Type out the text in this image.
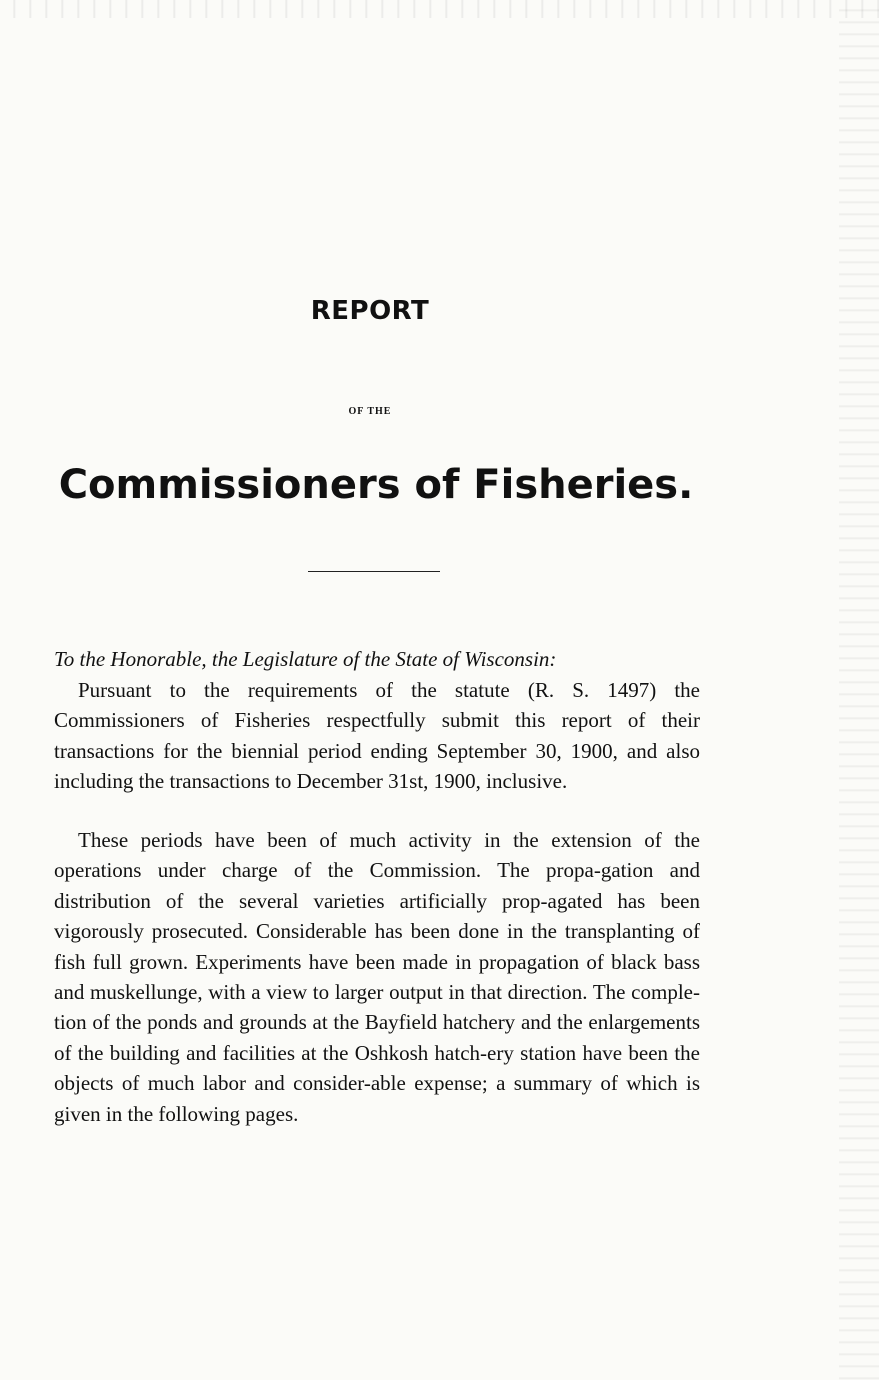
REPORT
OF THE
Commissioners of Fisheries.
To the Honorable, the Legislature of the State of Wisconsin:
Pursuant to the requirements of the statute (R. S. 1497) the Commissioners of Fisheries respectfully submit this report of their transactions for the biennial period ending September 30, 1900, and also including the transactions to December 31st, 1900, inclusive.
These periods have been of much activity in the extension of the operations under charge of the Commission. The propa-gation and distribution of the several varieties artificially prop-agated has been vigorously prosecuted. Considerable has been done in the transplanting of fish full grown. Experiments have been made in propagation of black bass and muskellunge, with a view to larger output in that direction. The comple-tion of the ponds and grounds at the Bayfield hatchery and the enlargements of the building and facilities at the Oshkosh hatch-ery station have been the objects of much labor and consider-able expense; a summary of which is given in the following pages.
